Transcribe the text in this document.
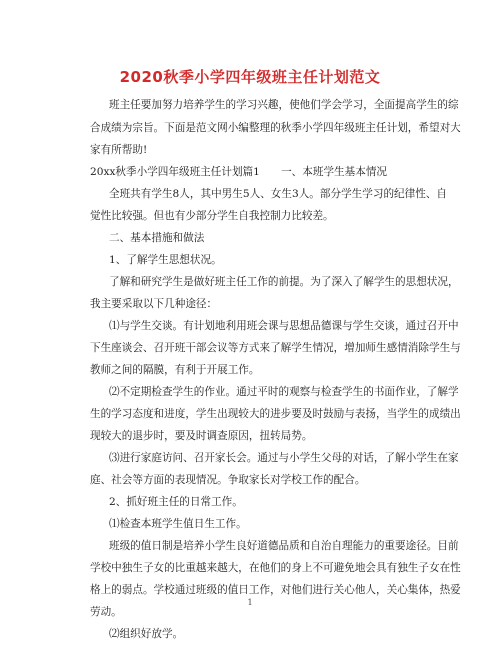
2020秋季小学四年级班主任计划范文
班主任要加努力培养学生的学习兴趣，使他们学会学习，全面提高学生的综
合成绩为宗旨。下面是范文网小编整理的秋季小学四年级班主任计划，希望对大
家有所帮助!
20xx秋季小学四年级班主任计划篇1　　一、本班学生基本情况
全班共有学生8人，其中男生5人、女生3人。部分学生学习的纪律性、自
觉性比较强。但也有少部分学生自我控制力比较差。
二、基本措施和做法
1、了解学生思想状况。
了解和研究学生是做好班主任工作的前提。为了深入了解学生的思想状况，
我主要采取以下几种途径：
⑴与学生交谈。有计划地利用班会课与思想品德课与学生交谈，通过召开中
下生座谈会、召开班干部会议等方式来了解学生情况，增加师生感情消除学生与
教师之间的隔膜，有利于开展工作。
⑵不定期检查学生的作业。通过平时的观察与检查学生的书面作业，了解学
生的学习态度和进度，学生出现较大的进步要及时鼓励与表扬，当学生的成绩出
现较大的退步时，要及时调查原因，扭转局势。
⑶进行家庭访问、召开家长会。通过与小学生父母的对话，了解小学生在家
庭、社会等方面的表现情况。争取家长对学校工作的配合。
2、抓好班主任的日常工作。
⑴检查本班学生值日生工作。
班级的值日制是培养小学生良好道德品质和自治自理能力的重要途径。目前
学校中独生子女的比重越来越大，在他们的身上不可避免地会具有独生子女在性
格上的弱点。学校通过班级的值日工作，对他们进行关心他人，关心集体，热爱
劳动。
⑵组织好放学。
1
